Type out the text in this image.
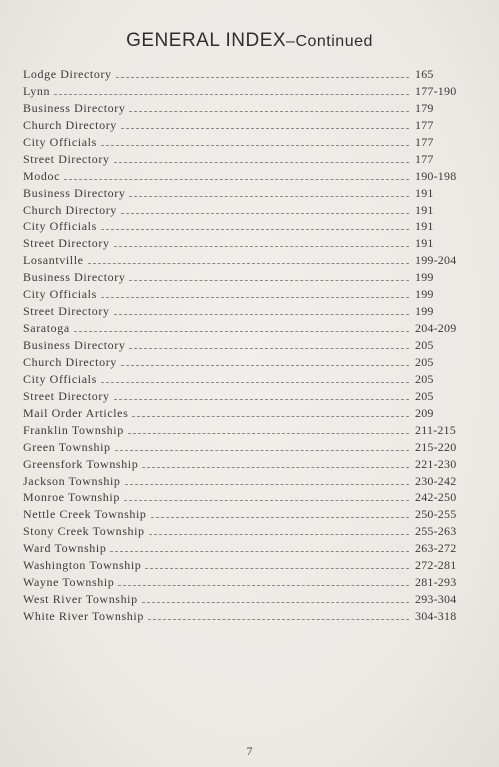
GENERAL INDEX–Continued
Lodge Directory	165
Lynn	177-190
Business Directory	179
Church Directory	177
City Officials	177
Street Directory	177
Modoc	190-198
Business Directory	191
Church Directory	191
City Officials	191
Street Directory	191
Losantville	199-204
Business Directory	199
City Officials	199
Street Directory	199
Saratoga	204-209
Business Directory	205
Church Directory	205
City Officials	205
Street Directory	205
Mail Order Articles	209
Franklin Township	211-215
Green Township	215-220
Greensfork Township	221-230
Jackson Township	230-242
Monroe Township	242-250
Nettle Creek Township	250-255
Stony Creek Township	255-263
Ward Township	263-272
Washington Township	272-281
Wayne Township	281-293
West River Township	293-304
White River Township	304-318
7
